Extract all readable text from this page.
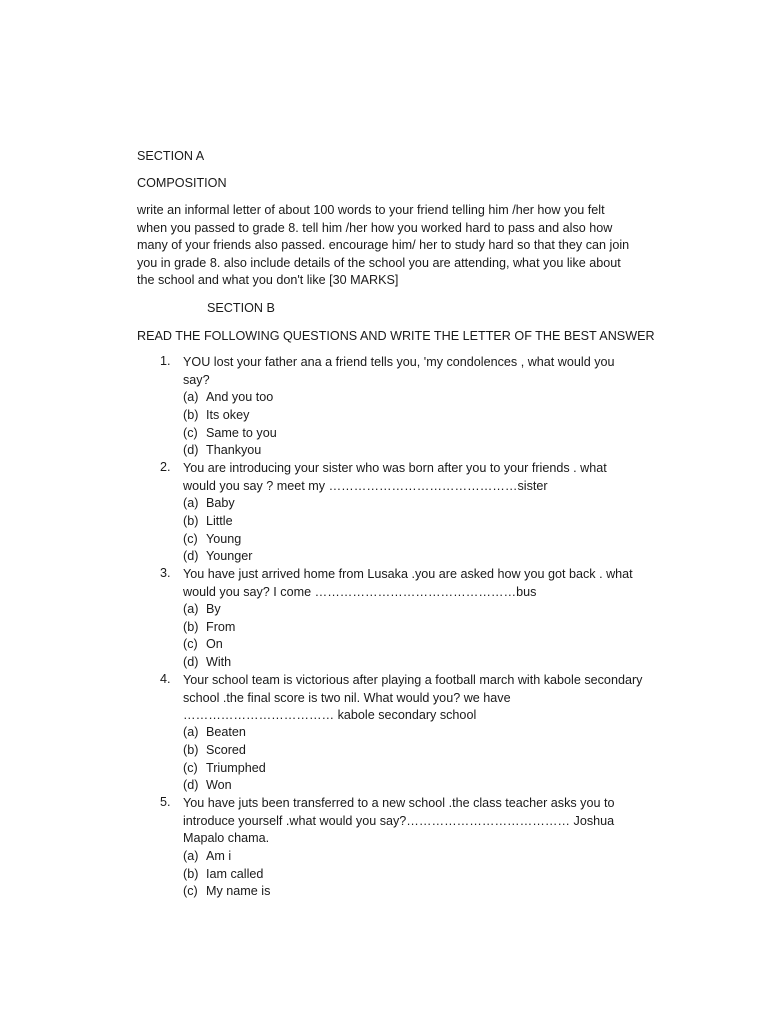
SECTION A
COMPOSITION

write an informal letter of about 100 words to your friend telling him /her how you felt when you passed to grade 8. tell him /her how you worked hard to pass and also how many of your friends also passed. encourage him/ her to study hard so that they can join you in grade 8. also include details of the school you are attending, what you like about the school and what you don't like [30 MARKS]

SECTION B
READ THE FOLLOWING QUESTIONS AND WRITE THE LETTER OF THE BEST ANSWER
1. YOU lost your father ana a friend tells you, 'my condolences , what would you say?
(a) And you too
(b) Its okey
(c) Same to you
(d) Thankyou
2. You are introducing your sister who was born after you to your friends . what would you say ? meet my ………………………………………sister
(a) Baby
(b) Little
(c) Young
(d) Younger
3. You have just arrived home from Lusaka .you are asked how you got back . what would you say? I come …………………………………………bus
(a) By
(b) From
(c) On
(d) With
4. Your school team is victorious after playing a football march with kabole secondary school .the final score is two nil. What would you? we have ……………………………… kabole secondary school
(a) Beaten
(b) Scored
(c) Triumphed
(d) Won
5. You have juts been transferred to a new school .the class teacher asks you to introduce yourself .what would you say?………………………………… Joshua Mapalo chama.
(a) Am i
(b) Iam called
(c) My name is
